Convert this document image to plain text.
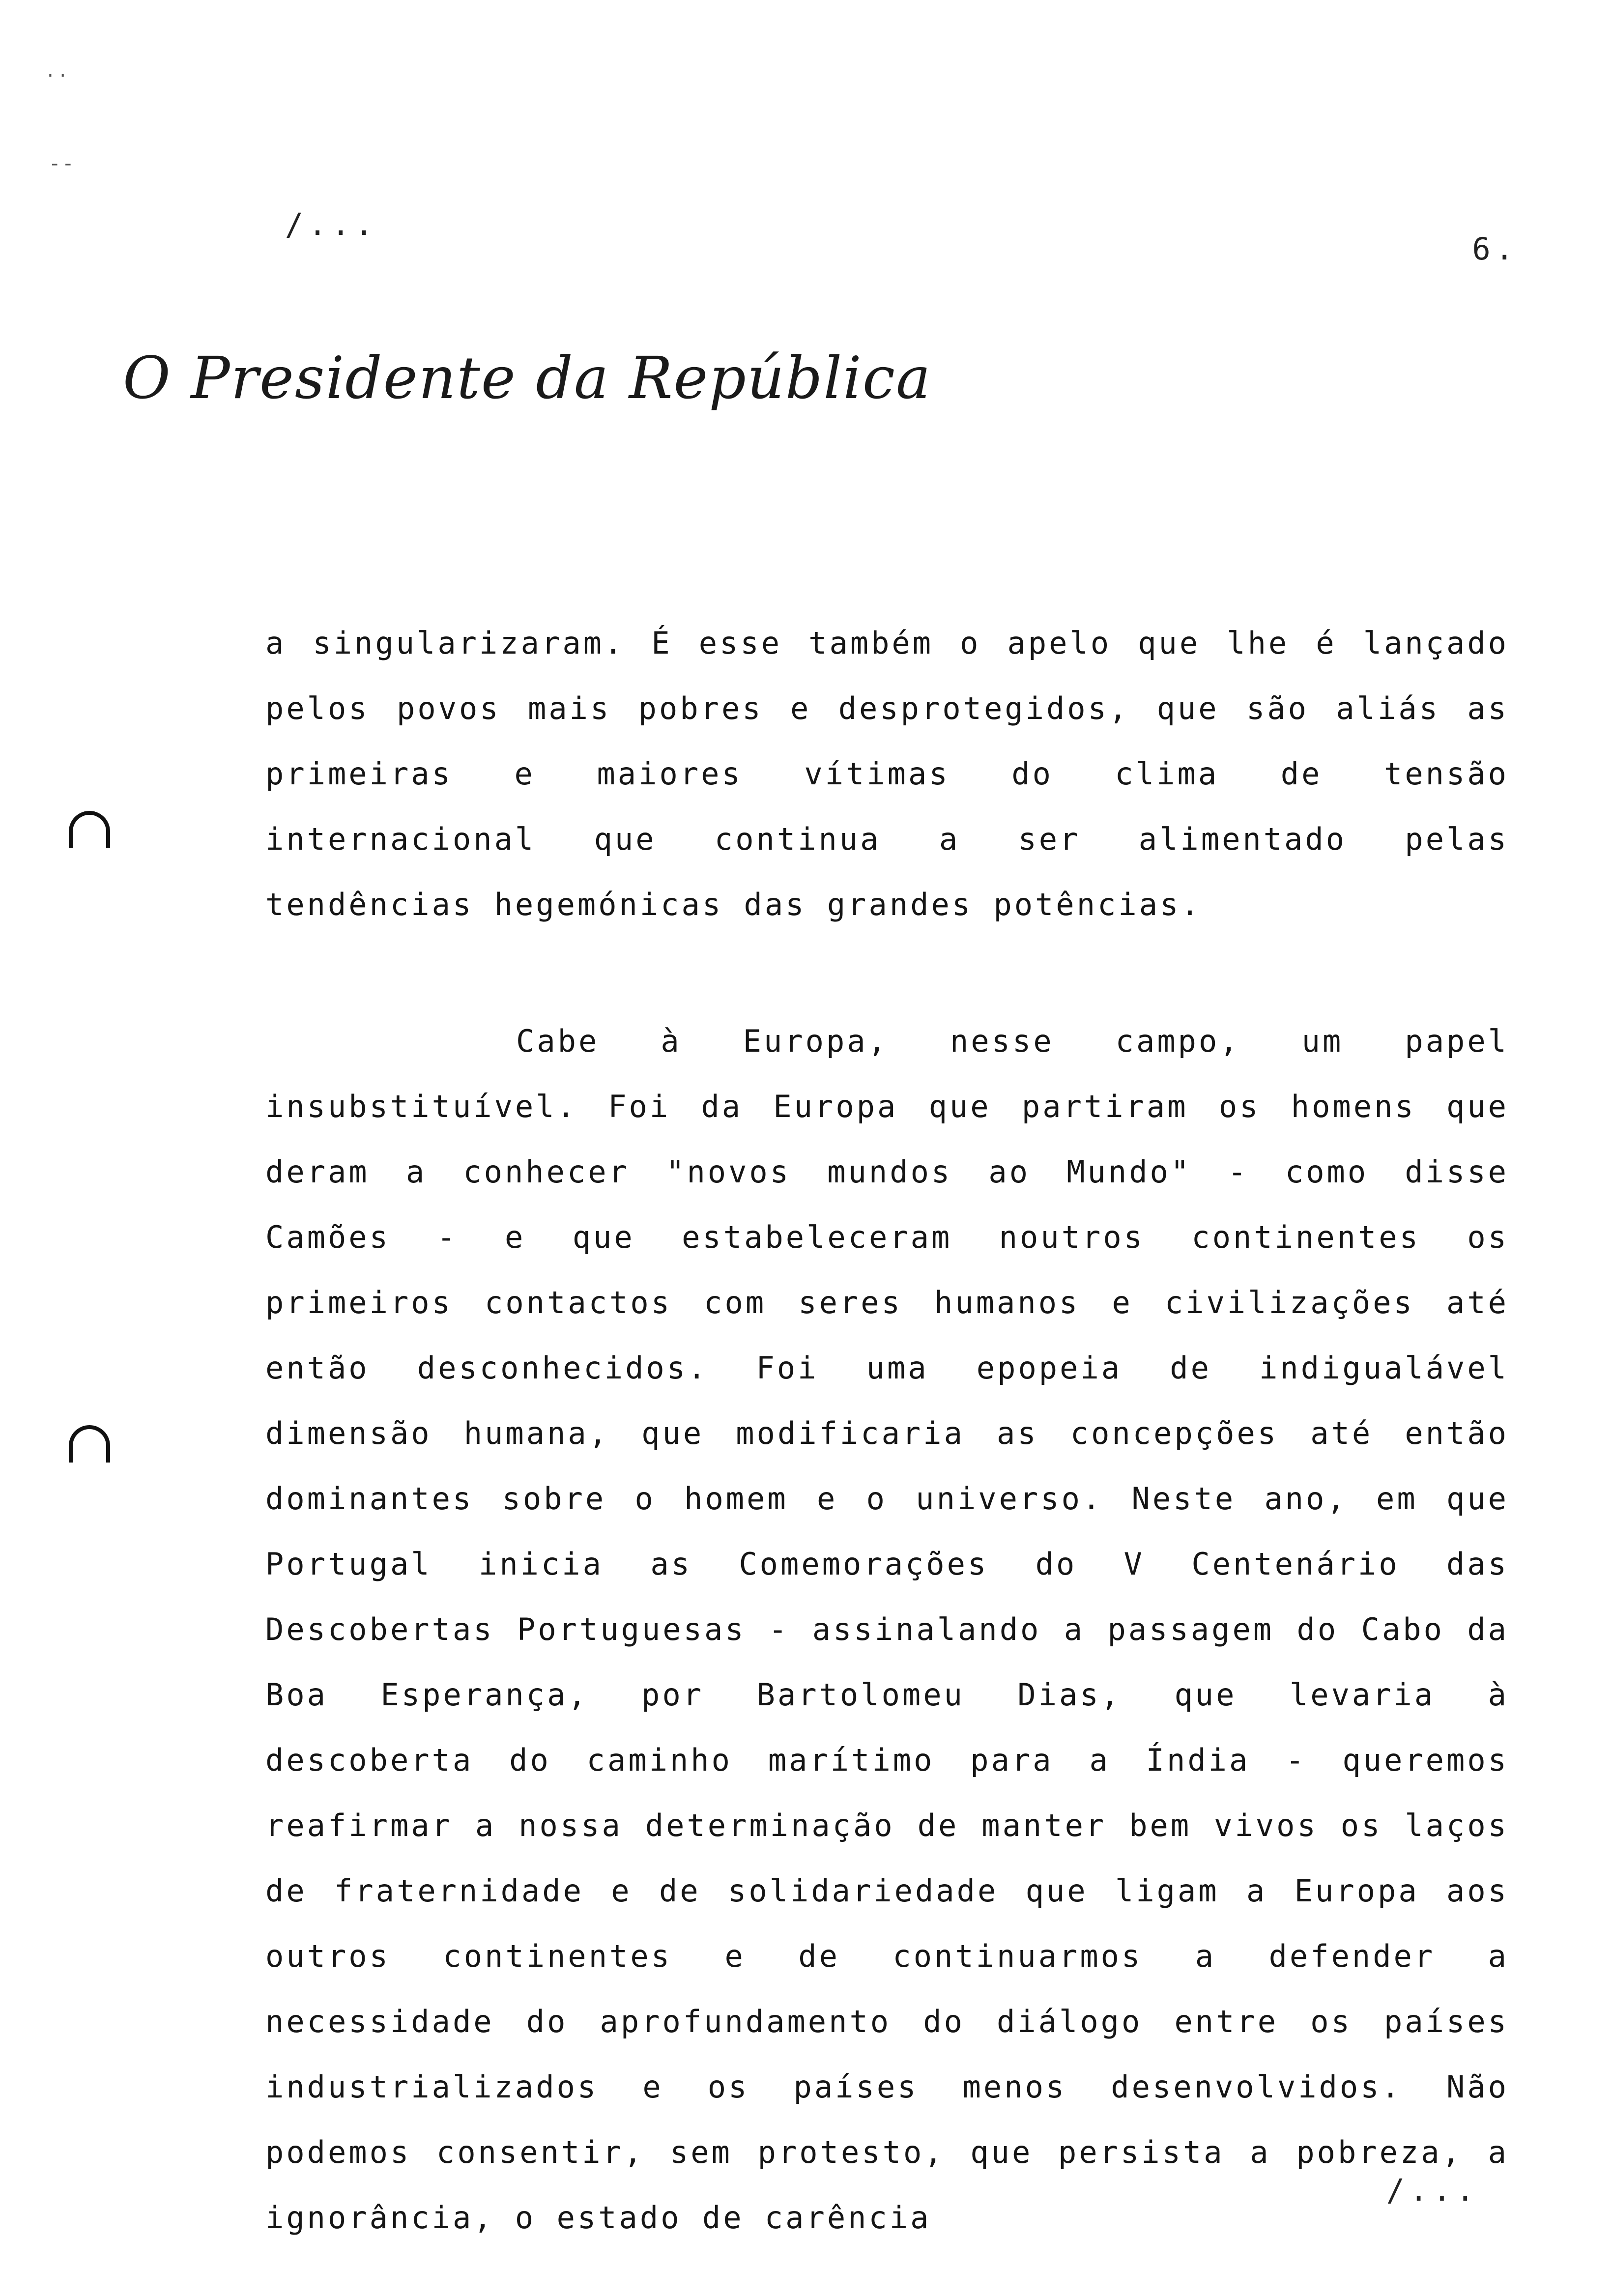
. .
- -
/...
6.
O Presidente da República

a singularizaram. É esse também o apelo que lhe é lançado pelos povos mais pobres e desprotegidos, que são aliás as primeiras e maiores vítimas do clima de tensão internacional que continua a ser alimentado pelas tendências hegemónicas das grandes potências.

Cabe à Europa, nesse campo, um papel insubstituível. Foi da Europa que partiram os homens que deram a conhecer "novos mundos ao Mundo" - como disse Camões - e que estabeleceram noutros continentes os primeiros contactos com seres humanos e civilizações até então desconhecidos. Foi uma epopeia de indigualável dimensão humana, que modificaria as concepções até então dominantes sobre o homem e o universo. Neste ano, em que Portugal inicia as Comemorações do V Centenário das Descobertas Portuguesas - assinalando a passagem do Cabo da Boa Esperança, por Bartolomeu Dias, que levaria à descoberta do caminho marítimo para a Índia - queremos reafirmar a nossa determinação de manter bem vivos os laços de fraternidade e de solidariedade que ligam a Europa aos outros continentes e de continuarmos a defender a necessidade do aprofundamento do diálogo entre os países industrializados e os países menos desenvolvidos. Não podemos consentir, sem protesto, que persista a pobreza, a ignorância, o estado de carência

/...
